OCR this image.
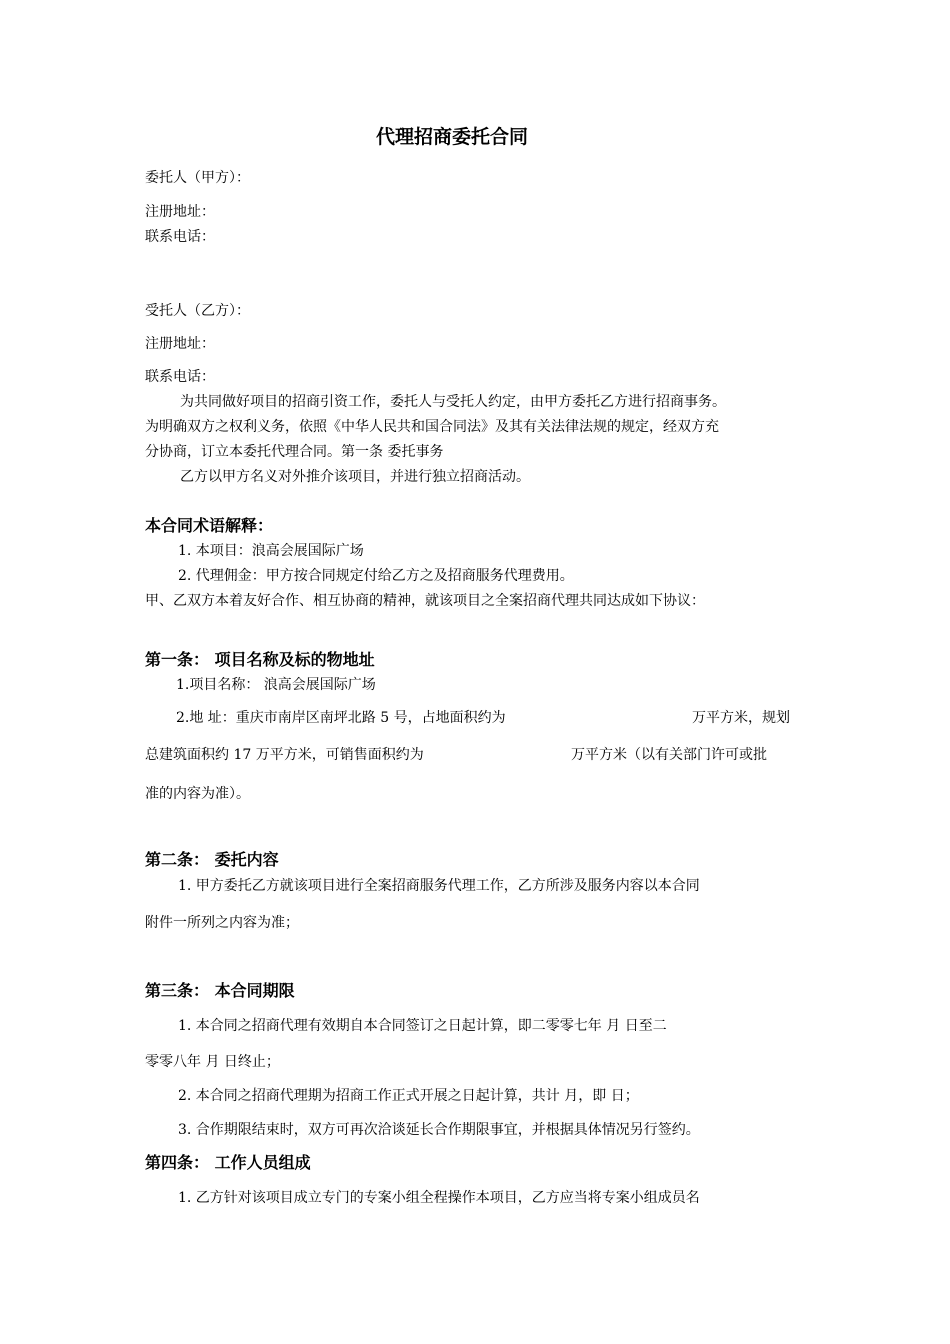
代理招商委托合同
委托人（甲方）：
注册地址：
联系电话：
受托人（乙方）：
注册地址：
联系电话：
为共同做好项目的招商引资工作，委托人与受托人约定，由甲方委托乙方进行招商事务。
为明确双方之权利义务，依照《中华人民共和国合同法》及其有关法律法规的规定，经双方充
分协商，订立本委托代理合同。第一条 委托事务
乙方以甲方名义对外推介该项目，并进行独立招商活动。
本合同术语解释：
1. 本项目：浪高会展国际广场
2. 代理佣金：甲方按合同规定付给乙方之及招商服务代理费用。
甲、乙双方本着友好合作、相互协商的精神，就该项目之全案招商代理共同达成如下协议：
第一条： 项目名称及标的物地址
1.项目名称： 浪高会展国际广场
2.地 址：重庆市南岸区南坪北路 5 号，占地面积约为	万平方米，规划
总建筑面积约 17 万平方米，可销售面积约为	万平方米（以有关部门许可或批
准的内容为准）。
第二条： 委托内容
1. 甲方委托乙方就该项目进行全案招商服务代理工作，乙方所涉及服务内容以本合同
附件一所列之内容为准；
第三条： 本合同期限
1. 本合同之招商代理有效期自本合同签订之日起计算，即二零零七年 月 日至二
零零八年 月 日终止；
2. 本合同之招商代理期为招商工作正式开展之日起计算，共计 月，即 日；
3. 合作期限结束时，双方可再次洽谈延长合作期限事宜，并根据具体情况另行签约。
第四条： 工作人员组成
1. 乙方针对该项目成立专门的专案小组全程操作本项目，乙方应当将专案小组成员名
